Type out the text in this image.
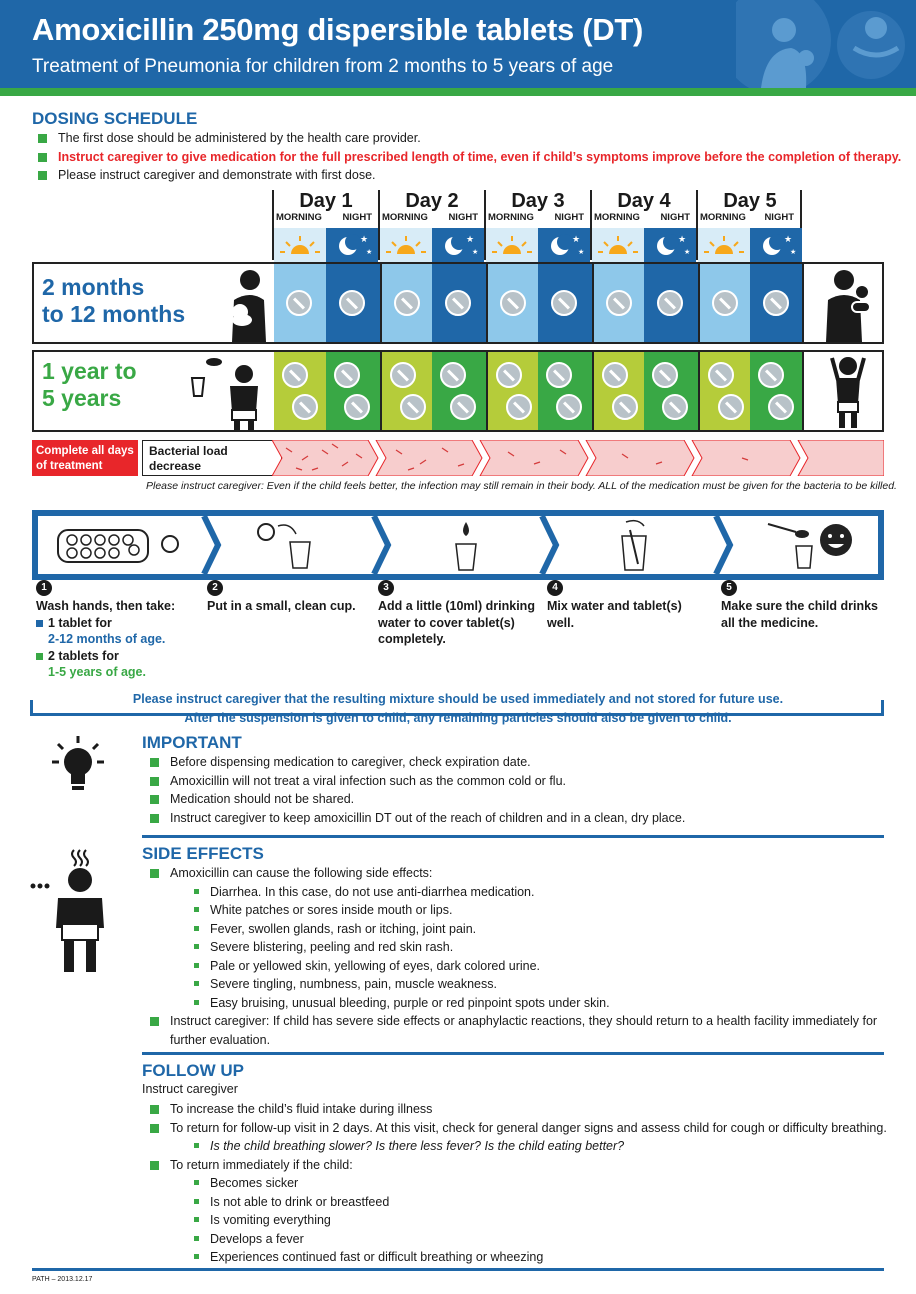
Amoxicillin 250mg dispersible tablets (DT)
Treatment of Pneumonia for children from 2 months to 5 years of age
DOSING SCHEDULE
The first dose should be administered by the health care provider.
Instruct caregiver to give medication for the full prescribed length of time, even if child’s symptoms improve before the completion of therapy.
Please instruct caregiver and demonstrate with first dose.
Day 1
MORNING NIGHT
Day 2
MORNING NIGHT
Day 3
MORNING NIGHT
Day 4
MORNING NIGHT
Day 5
MORNING NIGHT
★
★
★
★
★
★
★
★
★
★
2 months
to 12 months
1 year to
5 years
Complete all days of treatment
Bacterial load decrease
Please instruct caregiver: Even if the child feels better, the infection may still remain in their body. ALL of the medication must be given for the bacteria to be killed.
1	2	3	4	5
Wash hands, then take:
1 tablet for
2-12 months of age.
2 tablets for
1-5 years of age.
Put in a small, clean cup.	Add a little (10ml) drinking water to cover tablet(s) completely.
Mix water and tablet(s) well.
Make sure the child drinks all the medicine.
Please instruct caregiver that the resulting mixture should be used immediately and not stored for future use.
After the suspension is given to child, any remaining particles should also be given to child.
IMPORTANT
Before dispensing medication to caregiver, check expiration date.
Amoxicillin will not treat a viral infection such as the common cold or flu.
Medication should not be shared.
Instruct caregiver to keep amoxicillin DT out of the reach of children and in a clean, dry place.
SIDE EFFECTS
Amoxicillin can cause the following side effects:
Diarrhea. In this case, do not use anti-diarrhea medication.
White patches or sores inside mouth or lips.
Fever, swollen glands, rash or itching, joint pain.
Severe blistering, peeling and red skin rash.
Pale or yellowed skin, yellowing of eyes, dark colored urine.
Severe tingling, numbness, pain, muscle weakness.
Easy bruising, unusual bleeding, purple or red pinpoint spots under skin.
Instruct caregiver: If child has severe side effects or anaphylactic reactions, they should return to a health facility immediately for further evaluation.
FOLLOW UP
Instruct caregiver
To increase the child’s fluid intake during illness
To return for follow-up visit in 2 days. At this visit, check for general danger signs and assess child for cough or difficulty breathing.
Is the child breathing slower? Is there less fever? Is the child eating better?
To return immediately if the child:
Becomes sicker
Is not able to drink or breastfeed
Is vomiting everything
Develops a fever
Experiences continued fast or difficult breathing or wheezing
PATH – 2013.12.17
